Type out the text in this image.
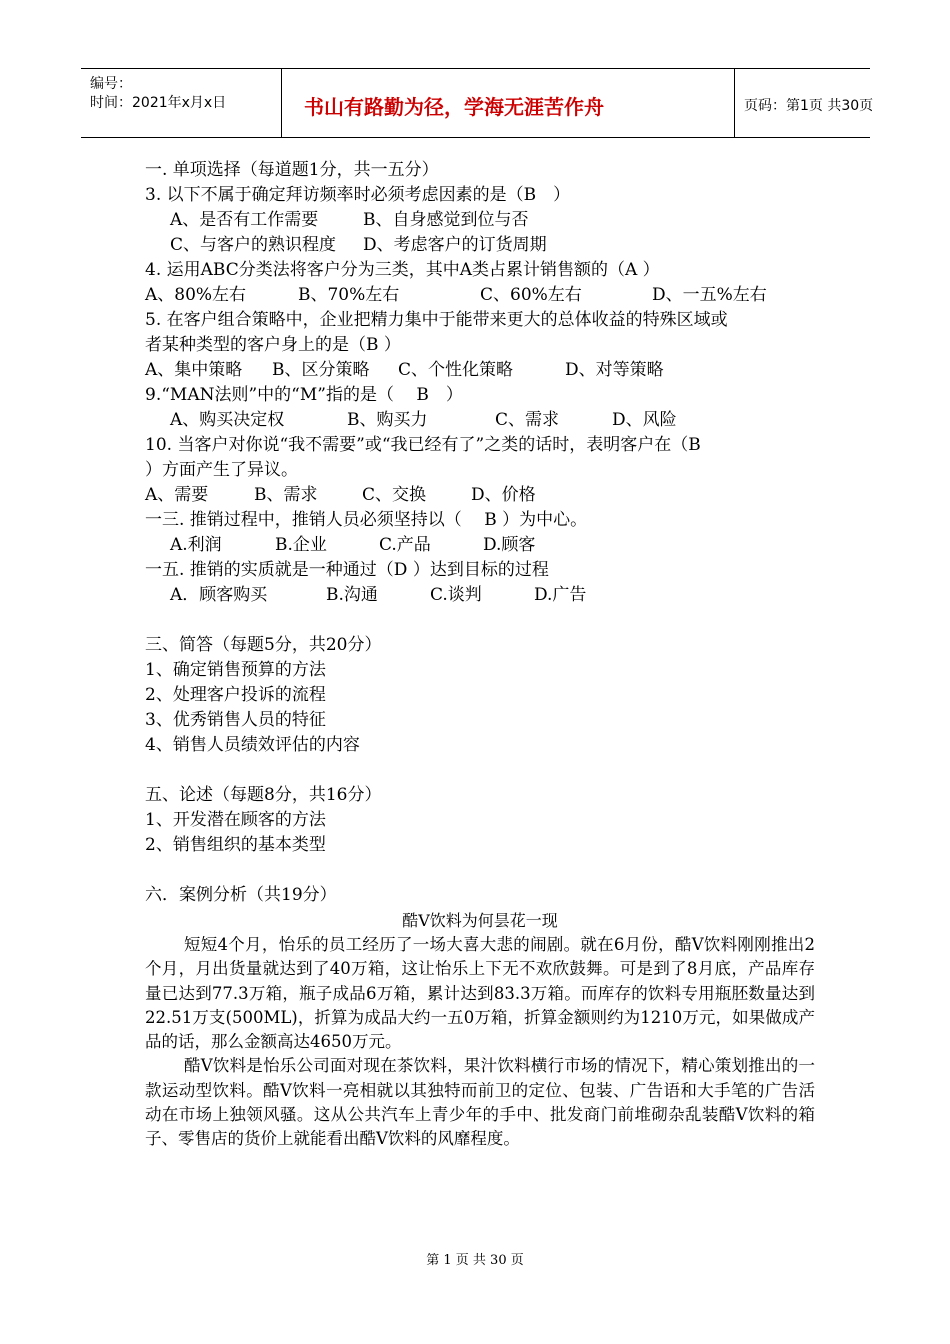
编号：
时间：2021年x月x日	书山有路勤为径，学海无涯苦作舟	页码：第1页 共30页
一. 单项选择（每道题1分，共一五分）
3. 以下不属于确定拜访频率时必须考虑因素的是（B　）
A、是否有工作需要	B、自身感觉到位与否
C、与客户的熟识程度 D、考虑客户的订货周期
4. 运用ABC分类法将客户分为三类，其中A类占累计销售额的（A ）
A、80%左右	B、70%左右	C、60%左右	D、一五%左右
5. 在客户组合策略中，企业把精力集中于能带来更大的总体收益的特殊区域或
者某种类型的客户身上的是（B ）
A、集中策略 B、区分策略 C、个性化策略	D、对等策略
9.“MAN法则”中的“M”指的是（　 B　）
A、购买决定权	B、购买力	C、需求	D、风险
10. 当客户对你说“我不需要”或“我已经有了”之类的话时，表明客户在（B
）方面产生了异议。
A、需要	B、需求	C、交换	D、价格
一三. 推销过程中，推销人员必须坚持以（　 B ）为中心。
A.利润	B.企业	C.产品	D.顾客
一五. 推销的实质就是一种通过（D ）达到目标的过程
A．顾客购买	B.沟通	C.谈判	D.广告
三、简答（每题5分，共20分）
1、确定销售预算的方法
2、处理客户投诉的流程
3、优秀销售人员的特征
4、销售人员绩效评估的内容
五、论述（每题8分，共16分）
1、开发潜在顾客的方法
2、销售组织的基本类型
六．案例分析（共19分）
酷V饮料为何昙花一现

短短4个月，怡乐的员工经历了一场大喜大悲的闹剧。就在6月份，酷V饮料刚刚推出2个月，月出货量就达到了40万箱，这让怡乐上下无不欢欣鼓舞。可是到了8月底，产品库存量已达到77.3万箱，瓶子成品6万箱，累计达到83.3万箱。而库存的饮料专用瓶胚数量达到22.51万支(500ML)，折算为成品大约一五0万箱，折算金额则约为1210万元，如果做成产品的话，那么金额高达4650万元。

酷V饮料是怡乐公司面对现在茶饮料，果汁饮料横行市场的情况下，精心策划推出的一款运动型饮料。酷V饮料一亮相就以其独特而前卫的定位、包装、广告语和大手笔的广告活动在市场上独领风骚。这从公共汽车上青少年的手中、批发商门前堆砌杂乱装酷V饮料的箱子、零售店的货价上就能看出酷V饮料的风靡程度。

第 1 页 共 30 页
